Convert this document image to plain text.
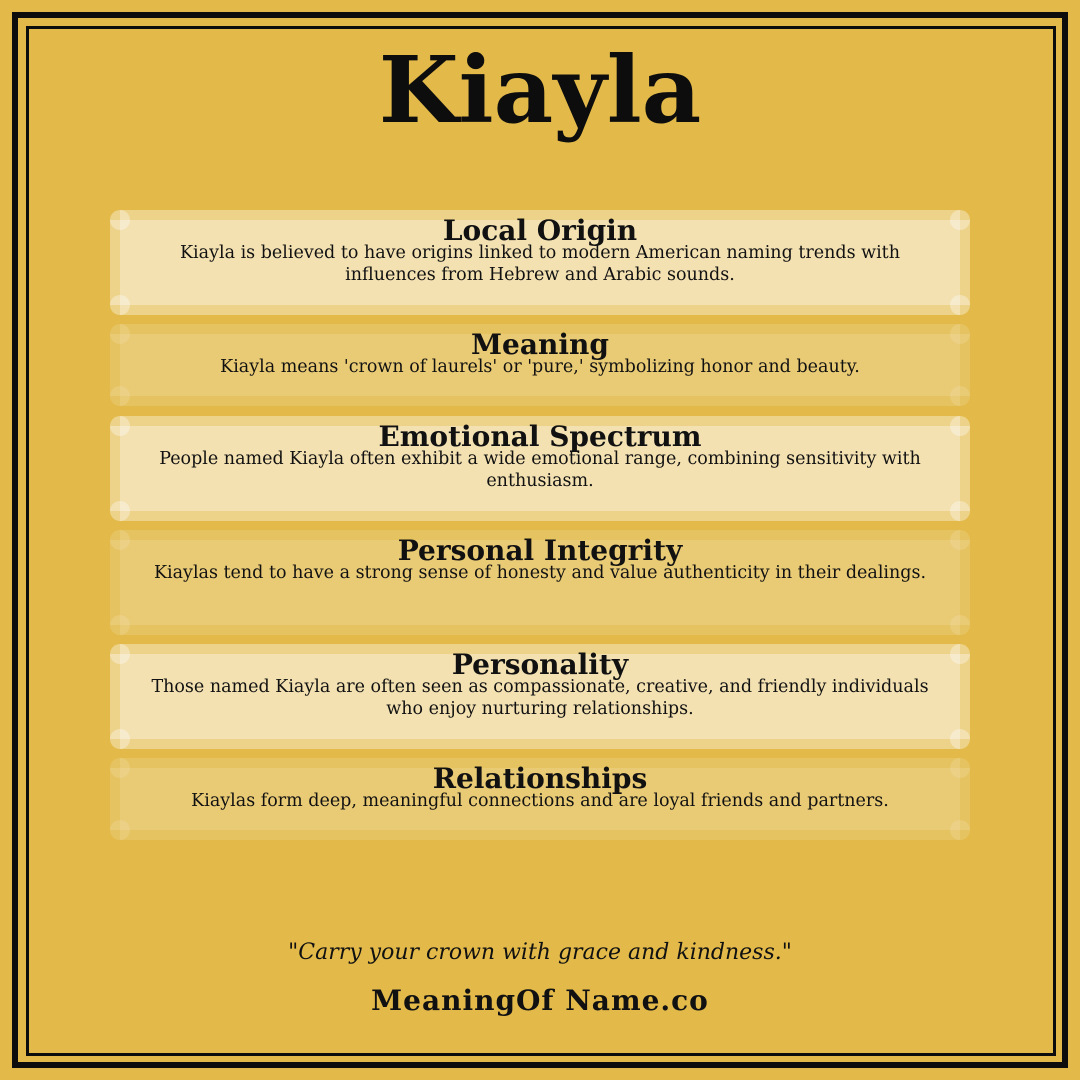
Kiayla
Local Origin
Kiayla is believed to have origins linked to modern American naming trends with influences from Hebrew and Arabic sounds.
Meaning
Kiayla means 'crown of laurels' or 'pure,' symbolizing honor and beauty.
Emotional Spectrum
People named Kiayla often exhibit a wide emotional range, combining sensitivity with enthusiasm.
Personal Integrity
Kiaylas tend to have a strong sense of honesty and value authenticity in their dealings.
Personality
Those named Kiayla are often seen as compassionate, creative, and friendly individuals who enjoy nurturing relationships.
Relationships
Kiaylas form deep, meaningful connections and are loyal friends and partners.
"Carry your crown with grace and kindness."
MeaningOf Name.co
